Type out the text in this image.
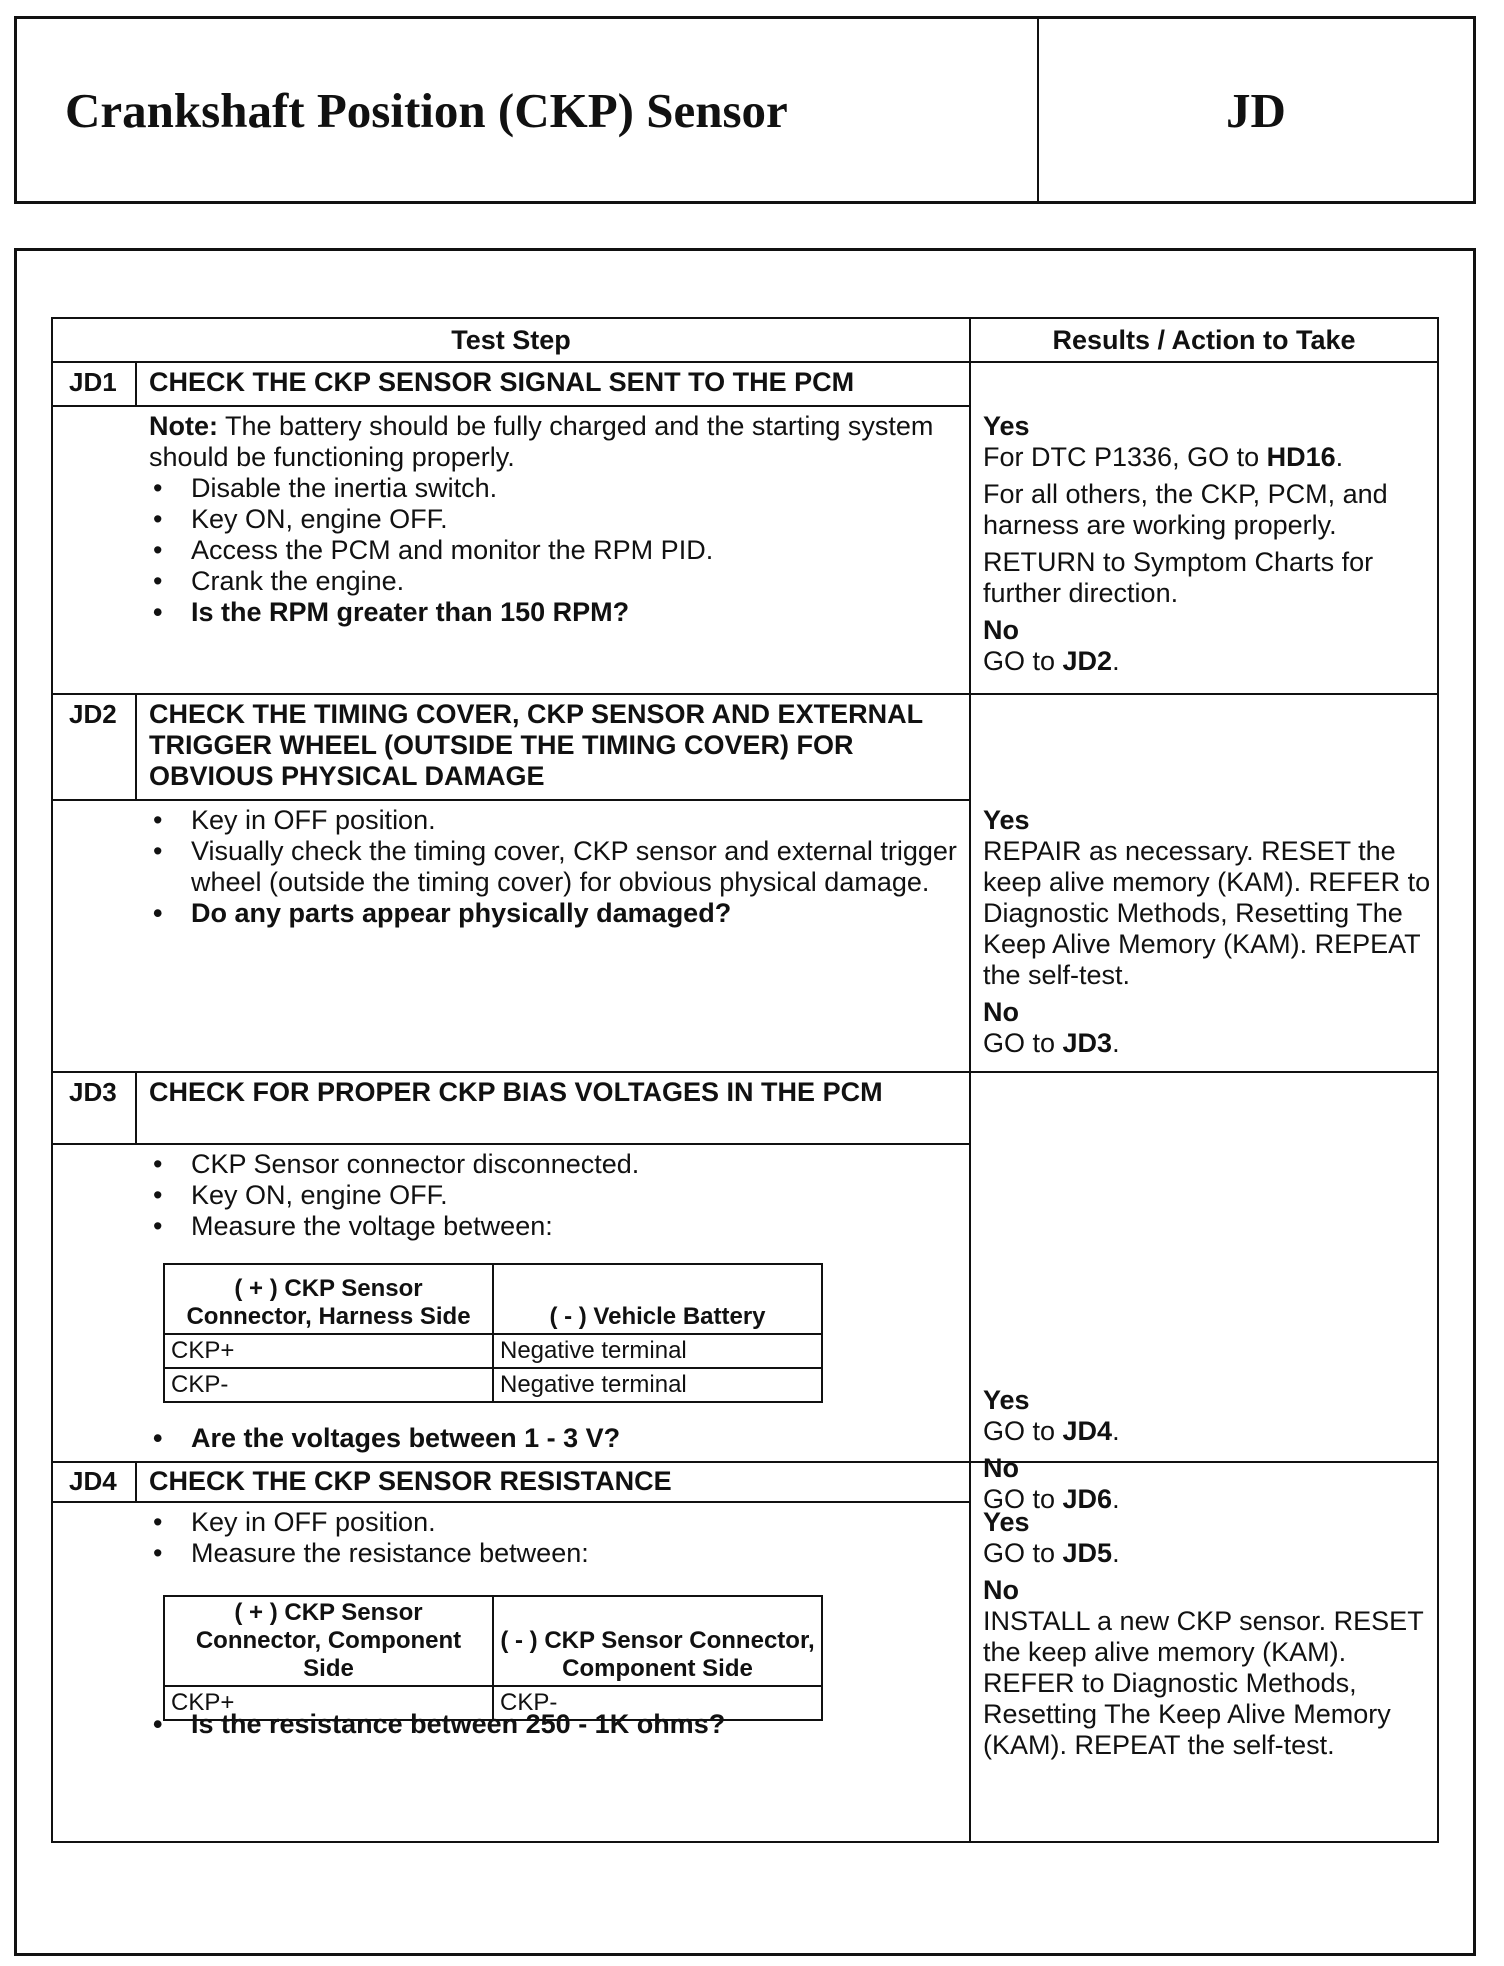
Crankshaft Position (CKP) Sensor	JD
Test Step	Results / Action to Take
JD1	CHECK THE CKP SENSOR SIGNAL SENT TO THE PCM
Note: The battery should be fully charged and the starting system should be functioning properly.
• Disable the inertia switch.
• Key ON, engine OFF.
• Access the PCM and monitor the RPM PID.
• Crank the engine.
• Is the RPM greater than 150 RPM?

Yes

For DTC P1336, GO to HD16.

For all others, the CKP, PCM, and harness are working properly.

RETURN to Symptom Charts for further direction.

No

GO to JD2.

JD2	CHECK THE TIMING COVER, CKP SENSOR AND EXTERNAL TRIGGER WHEEL (OUTSIDE THE TIMING COVER) FOR OBVIOUS PHYSICAL DAMAGE
• Key in OFF position.
• Visually check the timing cover, CKP sensor and external trigger wheel (outside the timing cover) for obvious physical damage.
• Do any parts appear physically damaged?

Yes

REPAIR as necessary. RESET the keep alive memory (KAM). REFER to Diagnostic Methods, Resetting The Keep Alive Memory (KAM). REPEAT the self-test.

No

GO to JD3.

JD3	CHECK FOR PROPER CKP BIAS VOLTAGES IN THE PCM
• CKP Sensor connector disconnected.
• Key ON, engine OFF.
• Measure the voltage between:
( + ) CKP Sensor Connector, Harness Side	( - ) Vehicle Battery
CKP+	Negative terminal
CKP-	Negative terminal
• Are the voltages between 1 - 3 V?

Yes

GO to JD4.

No

GO to JD6.

JD4	CHECK THE CKP SENSOR RESISTANCE
• Key in OFF position.
• Measure the resistance between:
( + ) CKP Sensor Connector, Component Side	( - ) CKP Sensor Connector, Component Side
CKP+	CKP-
• Is the resistance between 250 - 1K ohms?

Yes

GO to JD5.

No

INSTALL a new CKP sensor. RESET the keep alive memory (KAM). REFER to Diagnostic Methods, Resetting The Keep Alive Memory (KAM). REPEAT the self-test.
